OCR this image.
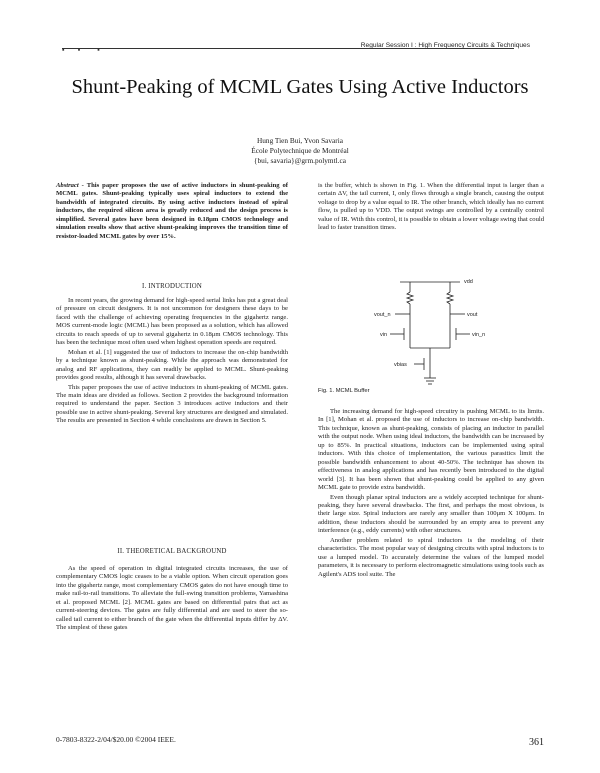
▪   ▪    ▪
Regular Session I : High Frequency Circuits & Techniques
Shunt-Peaking of MCML Gates Using Active Inductors
Hung Tien Bui, Yvon Savaria
École Polytechnique de Montréal
{bui, savaria}@grm.polymtl.ca
Abstract - This paper proposes the use of active inductors in shunt-peaking of MCML gates. Shunt-peaking typically uses spiral inductors to extend the bandwidth of integrated circuits. By using active inductors instead of spiral inductors, the required silicon area is greatly reduced and the design process is simplified. Several gates have been designed in 0.18μm CMOS technology and simulation results show that active shunt-peaking improves the transition time of resistor-loaded MCML gates by over 15%.
I. INTRODUCTION

In recent years, the growing demand for high-speed serial links has put a great deal of pressure on circuit designers. It is not uncommon for designers these days to be faced with the challenge of achieving operating frequencies in the gigahertz range. MOS current-mode logic (MCML) has been proposed as a solution, which has allowed circuits to reach speeds of up to several gigahertz in 0.18μm CMOS technology. This has been the technique most often used when highest operation speeds are required.

Mohan et al. [1] suggested the use of inductors to increase the on-chip bandwidth by a technique known as shunt-peaking. While the approach was demonstrated for analog and RF applications, they can readily be applied to MCML. Shunt-peaking provides good results, although it has several drawbacks.

This paper proposes the use of active inductors in shunt-peaking of MCML gates. The main ideas are divided as follows. Section 2 provides the background information required to understand the paper. Section 3 introduces active inductors and their possible use in active shunt-peaking. Several key structures are designed and simulated. The results are presented in Section 4 while conclusions are drawn in Section 5.

II. THEORETICAL BACKGROUND

As the speed of operation in digital integrated circuits increases, the use of complementary CMOS logic ceases to be a viable option. When circuit operation goes into the gigahertz range, most complementary CMOS gates do not have enough time to make rail-to-rail transitions. To alleviate the full-swing transition problems, Yamashina et al. proposed MCML [2]. MCML gates are based on differential pairs that act as current-steering devices. The gates are fully differential and are used to steer the so-called tail current to either branch of the gate when the differential inputs differ by ΔV. The simplest of these gates

is the buffer, which is shown in Fig. 1. When the differential input is larger than a certain ΔV, the tail current, I, only flows through a single branch, causing the output voltage to drop by a value equal to IR. The other branch, which ideally has no current flow, is pulled up to VDD. The output swings are controlled by a centrally control value of IR. With this control, it is possible to obtain a lower voltage swing that could lead to faster transition times.

vdd
vout_n	vout
vin	vin_n
vbias
Fig. 1. MCML Buffer

The increasing demand for high-speed circuitry is pushing MCML to its limits. In [1], Mohan et al. proposed the use of inductors to increase on-chip bandwidth. This technique, known as shunt-peaking, consists of placing an inductor in parallel with the output node. When using ideal inductors, the bandwidth can be increased by up to 85%. In practical situations, inductors can be implemented using spiral inductors. With this choice of implementation, the various parasitics limit the possible bandwidth enhancement to about 40-50%. The technique has shown its effectiveness in analog applications and has recently been introduced to the digital world [3]. It has been shown that shunt-peaking could be applied to any given MCML gate to provide extra bandwidth.

Even though planar spiral inductors are a widely accepted technique for shunt-peaking, they have several drawbacks. The first, and perhaps the most obvious, is their large size. Spiral inductors are rarely any smaller than 100μm X 100μm. In addition, these inductors should be surrounded by an empty area to prevent any interference (e.g., eddy currents) with other structures.

Another problem related to spiral inductors is the modeling of their characteristics. The most popular way of designing circuits with spiral inductors is to use a lumped model. To accurately determine the values of the lumped model parameters, it is necessary to perform electromagnetic simulations using tools such as Agilent's ADS tool suite. The

0-7803-8322-2/04/$20.00 ©2004 IEEE.	361
